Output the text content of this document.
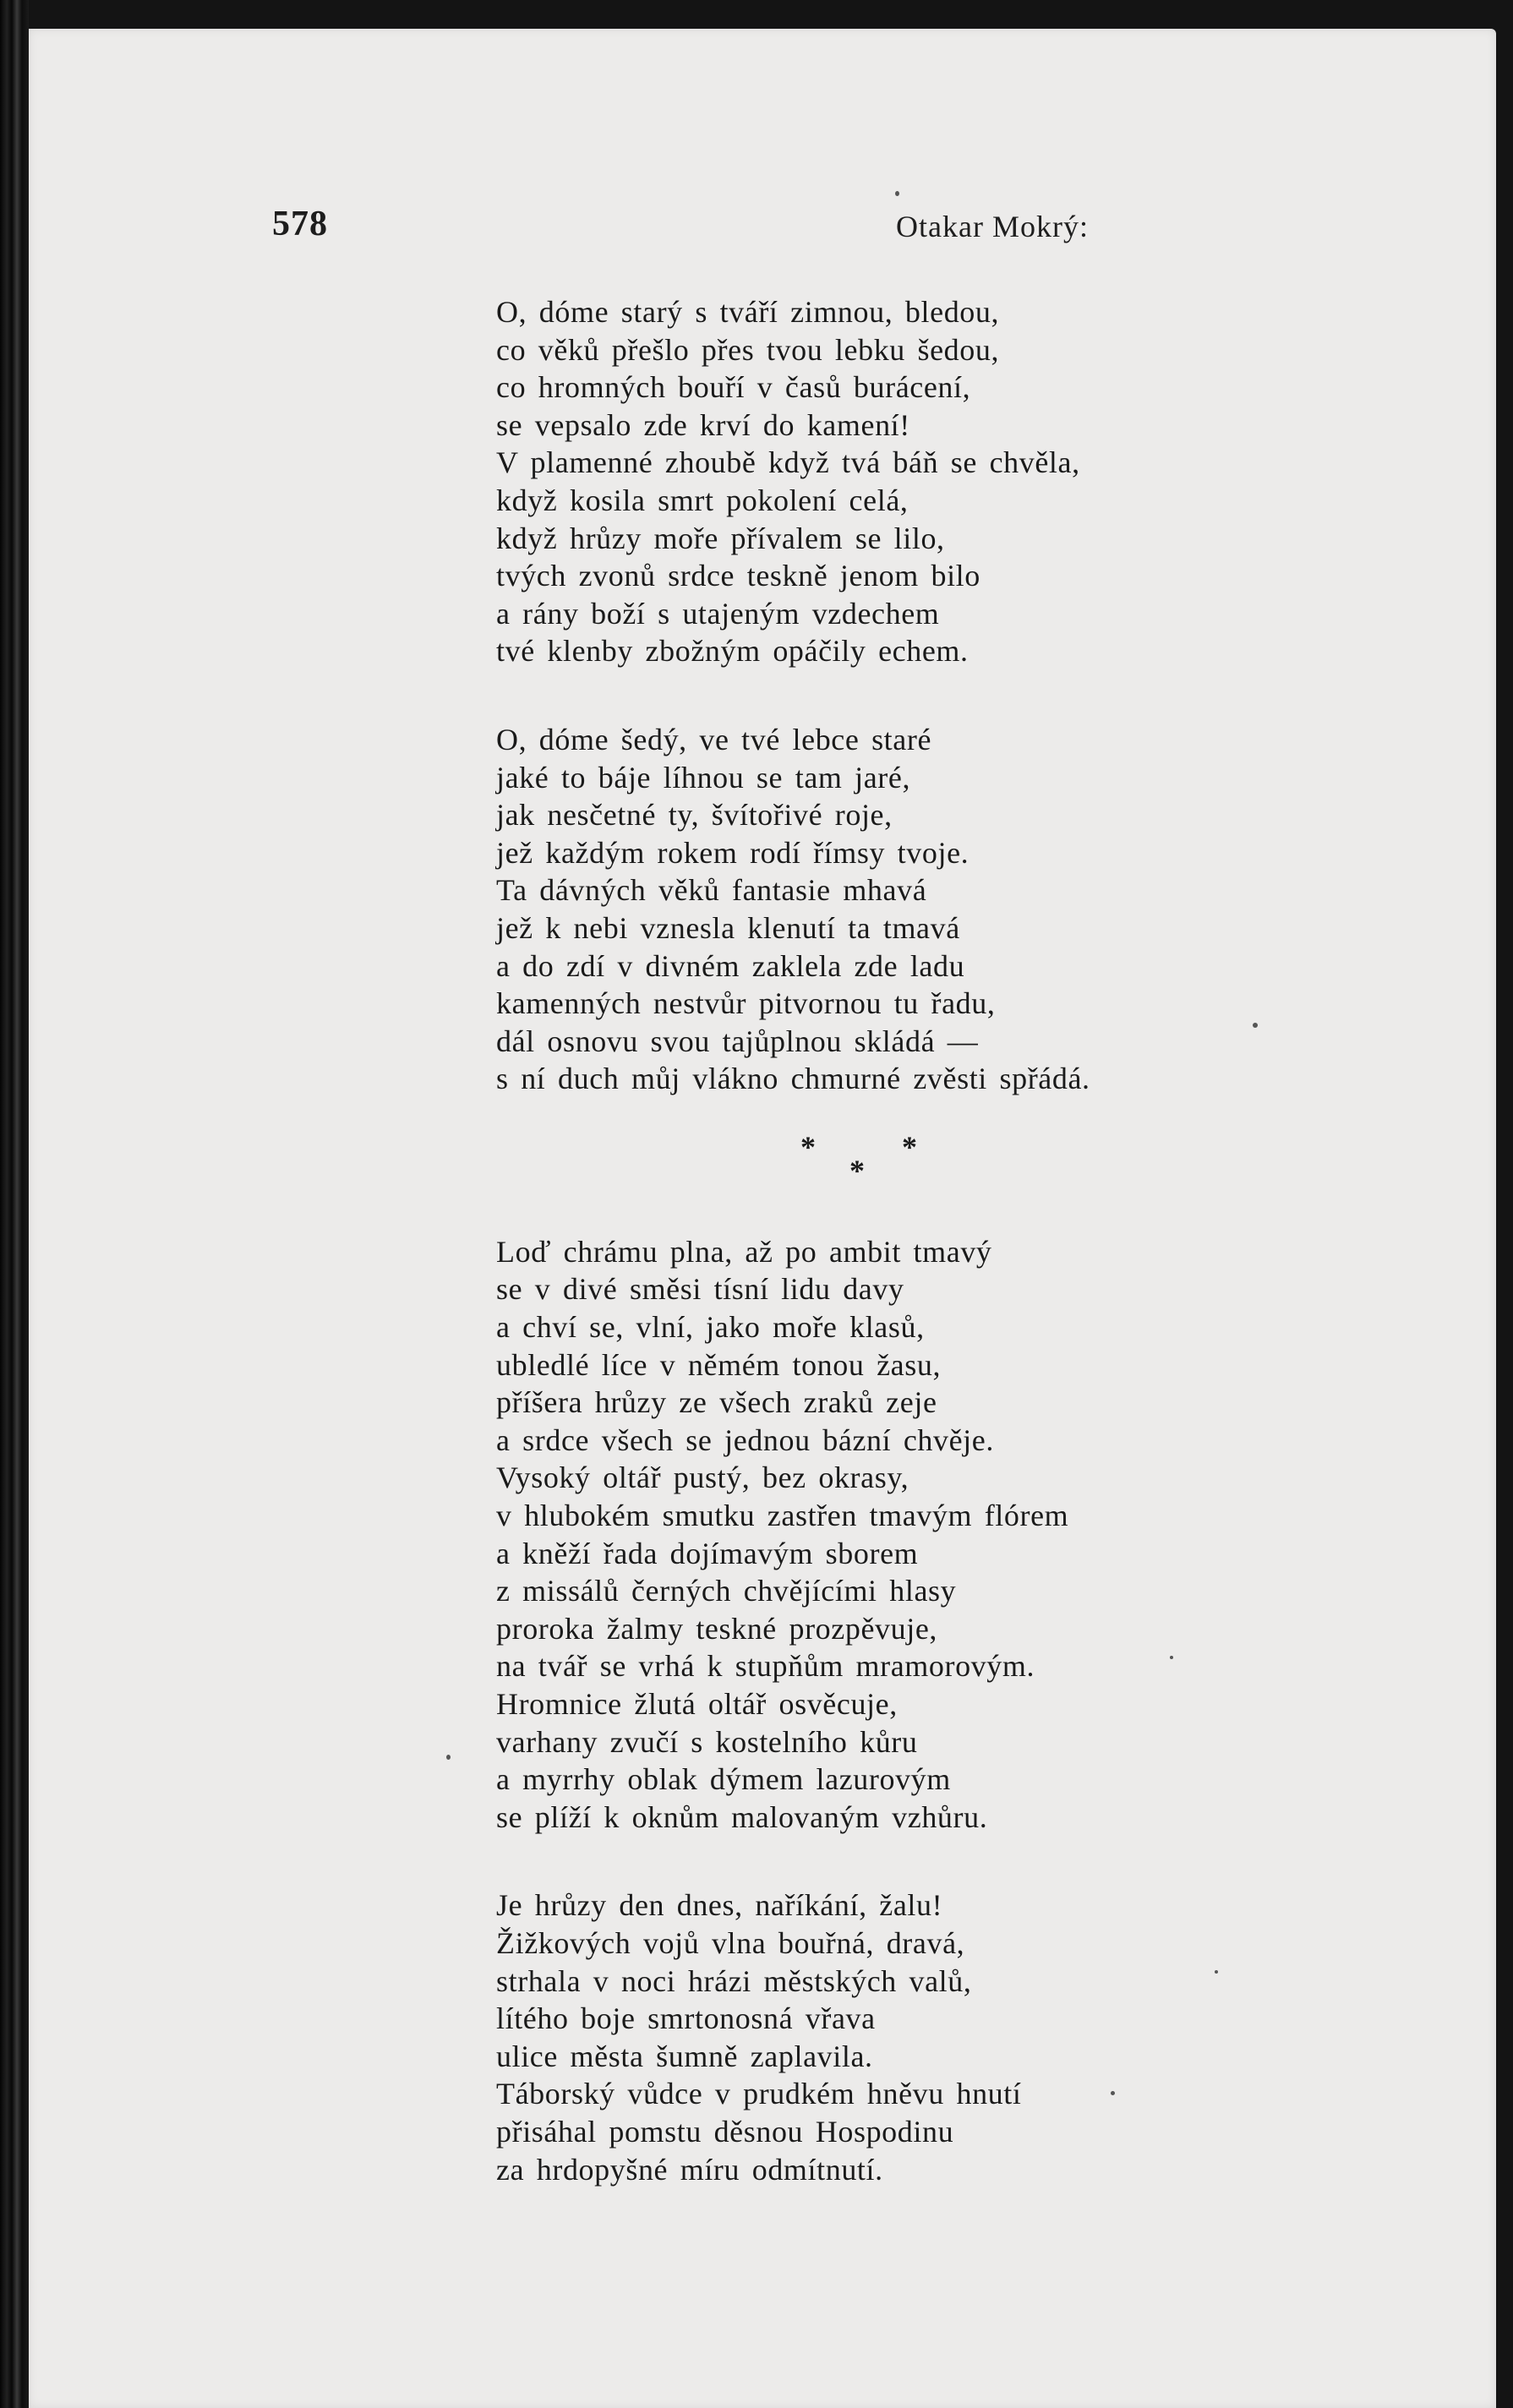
578	Otakar Mokrý:
O, dóme starý s tváří zimnou, bledou,
co věků přešlo přes tvou lebku šedou,
co hromných bouří v časů burácení,
se vepsalo zde krví do kamení!
V plamenné zhoubě když tvá báň se chvěla,
když kosila smrt pokolení celá,
když hrůzy moře přívalem se lilo,
tvých zvonů srdce teskně jenom bilo
a rány boží s utajeným vzdechem
tvé klenby zbožným opáčily echem.
O, dóme šedý, ve tvé lebce staré
jaké to báje líhnou se tam jaré,
jak nesčetné ty, švítořivé roje,
jež každým rokem rodí římsy tvoje.
Ta dávných věků fantasie mhavá
jež k nebi vznesla klenutí ta tmavá
a do zdí v divném zaklela zde ladu
kamenných nestvůr pitvornou tu řadu,
dál osnovu svou tajůplnou skládá —
s ní duch můj vlákno chmurné zvěsti spřádá.
*	*
*
Loď chrámu plna, až po ambit tmavý
se v divé směsi tísní lidu davy
a chví se, vlní, jako moře klasů,
ubledlé líce v němém tonou žasu,
příšera hrůzy ze všech zraků zeje
a srdce všech se jednou bázní chvěje.
Vysoký oltář pustý, bez okrasy,
v hlubokém smutku zastřen tmavým flórem
a kněží řada dojímavým sborem
z missálů černých chvějícími hlasy
proroka žalmy teskné prozpěvuje,
na tvář se vrhá k stupňům mramorovým.
Hromnice žlutá oltář osvěcuje,
varhany zvučí s kostelního kůru
a myrrhy oblak dýmem lazurovým
se plíží k oknům malovaným vzhůru.
Je hrůzy den dnes, naříkání, žalu!
Žižkových vojů vlna bouřná, dravá,
strhala v noci hrázi městských valů,
lítého boje smrtonosná vřava
ulice města šumně zaplavila.
Táborský vůdce v prudkém hněvu hnutí
přisáhal pomstu děsnou Hospodinu
za hrdopyšné míru odmítnutí.
